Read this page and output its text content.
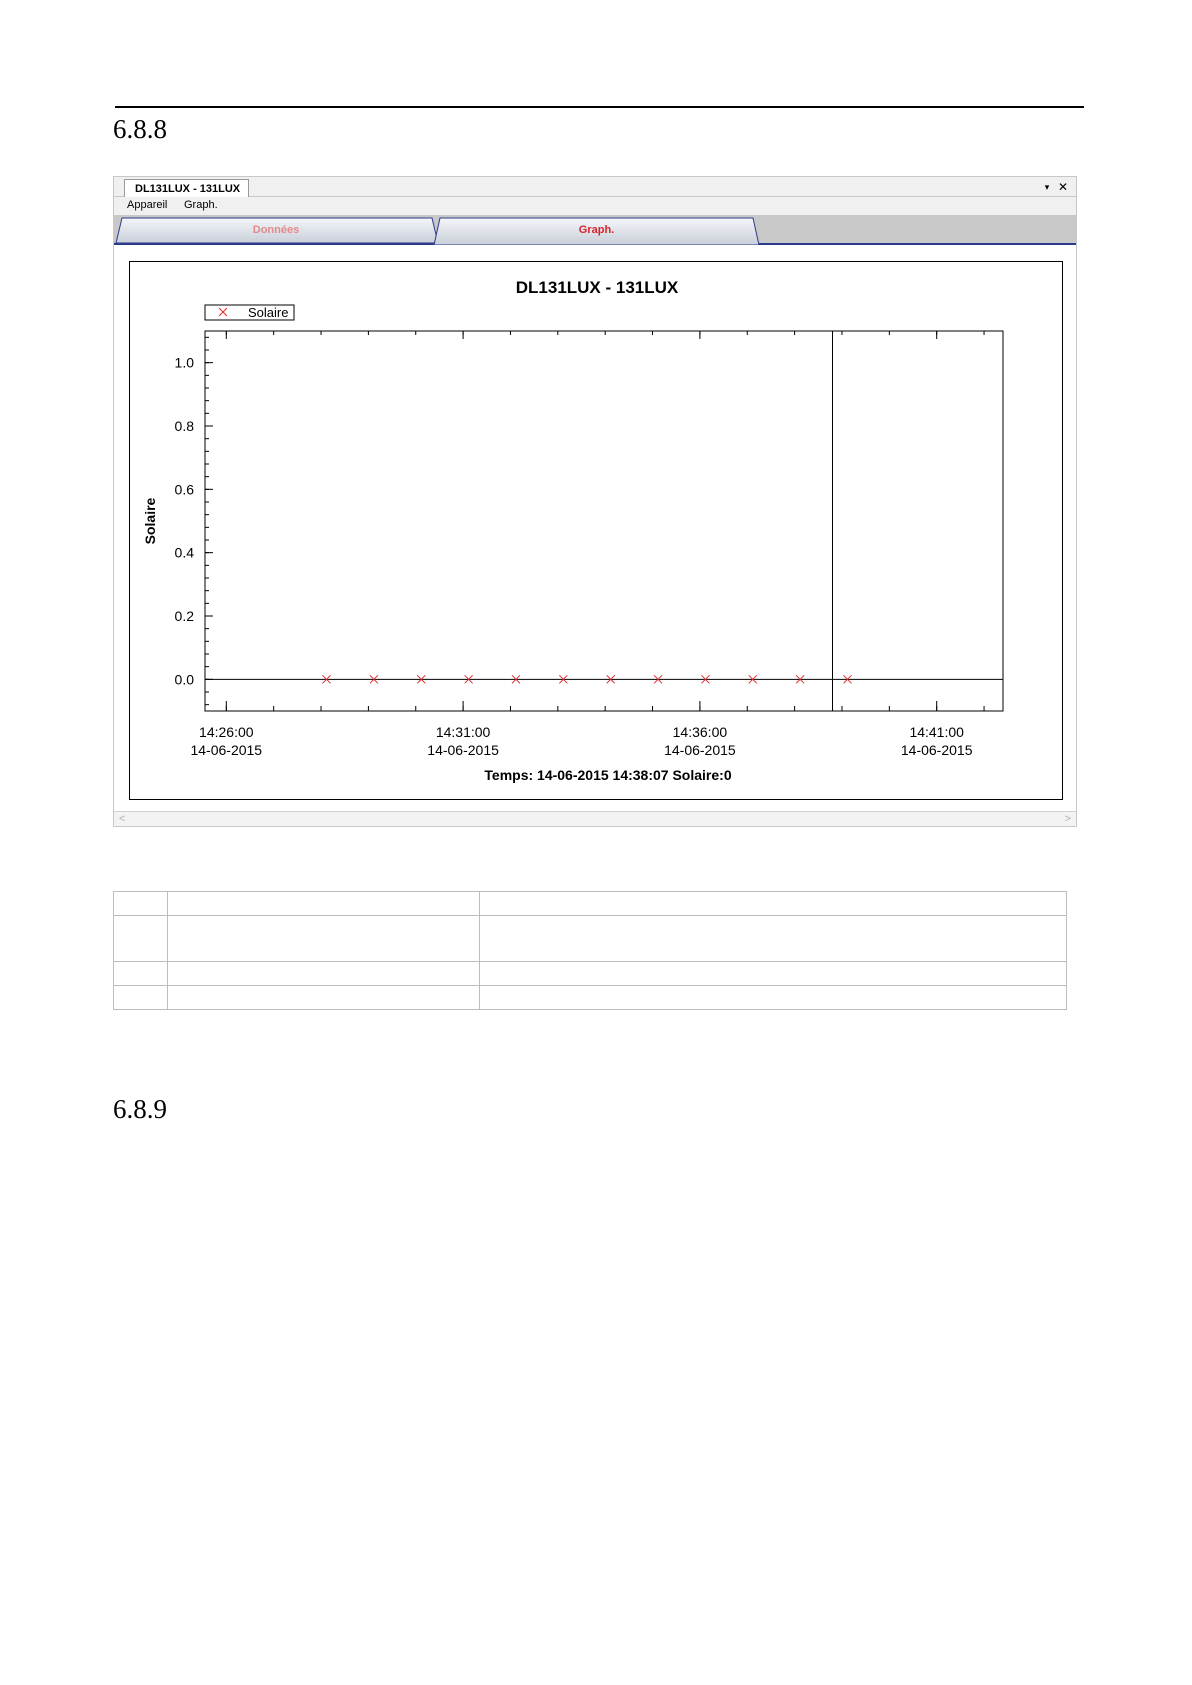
6.8.8
DL131LUX - 131LUX	▾ ✕
Appareil Graph.
Données	Graph.
DL131LUX - 131LUX
0.0
0.2
0.4
0.6
0.8
1.0
14:26:00
14-06-2015
14:31:00
14-06-2015
14:36:00
14-06-2015
14:41:00
14-06-2015
Solaire
Solaire
Temps: 14-06-2015 14:38:07 Solaire:0
<	>

6.8.9
